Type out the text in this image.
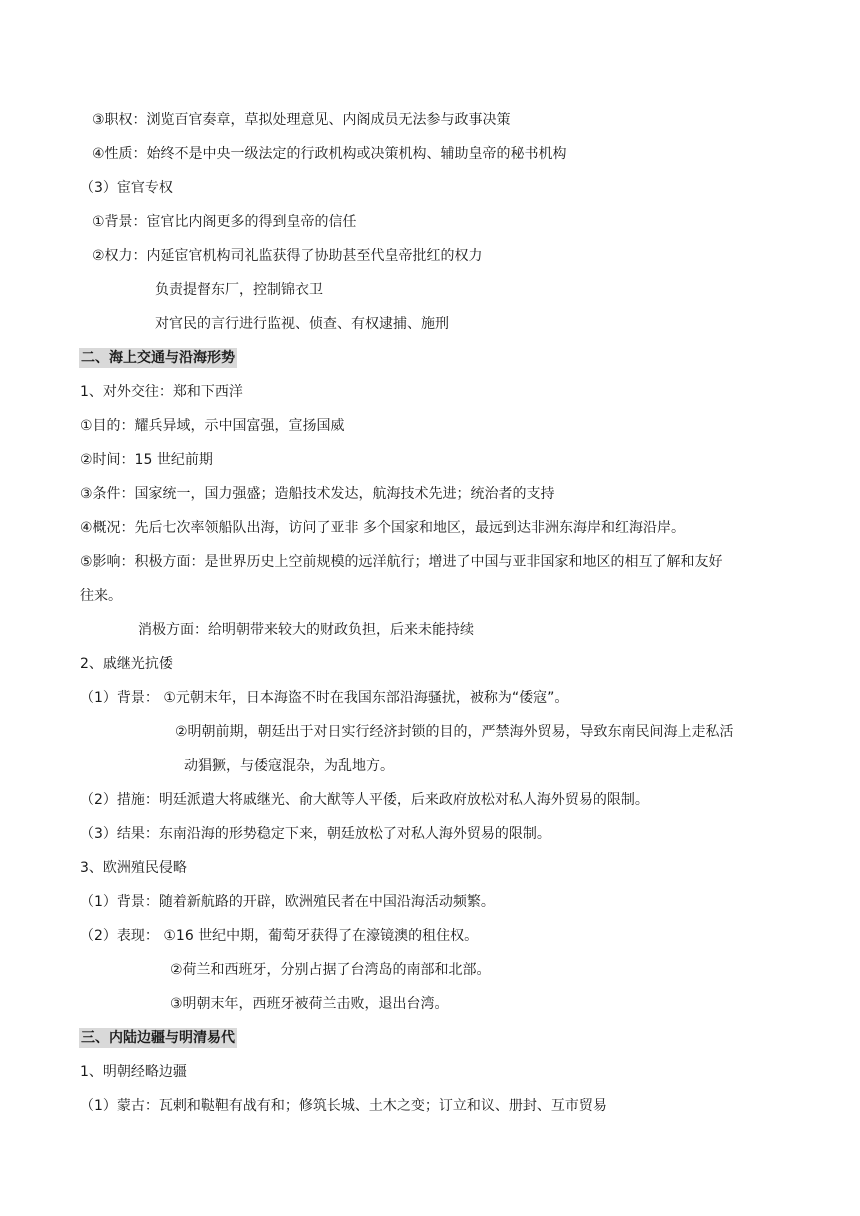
③职权：浏览百官奏章，草拟处理意见、内阁成员无法参与政事决策
④性质：始终不是中央一级法定的行政机构或决策机构、辅助皇帝的秘书机构
（3）宦官专权
①背景：宦官比内阁更多的得到皇帝的信任
②权力：内延宦官机构司礼监获得了协助甚至代皇帝批红的权力
负责提督东厂，控制锦衣卫
对官民的言行进行监视、侦查、有权逮捕、施刑
二、海上交通与沿海形势
1、对外交往：郑和下西洋
①目的：耀兵异域，示中国富强，宣扬国威
②时间：15 世纪前期
③条件：国家统一，国力强盛；造船技术发达，航海技术先进；统治者的支持
④概况：先后七次率领船队出海，访问了亚非 多个国家和地区，最远到达非洲东海岸和红海沿岸。
⑤影响：积极方面：是世界历史上空前规模的远洋航行；增进了中国与亚非国家和地区的相互了解和友好
往来。
消极方面：给明朝带来较大的财政负担，后来未能持续
2、戚继光抗倭
（1）背景： ①元朝末年，日本海盗不时在我国东部沿海骚扰，被称为“倭寇”。
②明朝前期，朝廷出于对日实行经济封锁的目的，严禁海外贸易，导致东南民间海上走私活
动猖獗，与倭寇混杂，为乱地方。
（2）措施：明廷派遣大将戚继光、俞大猷等人平倭，后来政府放松对私人海外贸易的限制。
（3）结果：东南沿海的形势稳定下来，朝廷放松了对私人海外贸易的限制。
3、欧洲殖民侵略
（1）背景：随着新航路的开辟，欧洲殖民者在中国沿海活动频繁。
（2）表现： ①16 世纪中期，葡萄牙获得了在濠镜澳的租住权。
②荷兰和西班牙，分别占据了台湾岛的南部和北部。
③明朝末年，西班牙被荷兰击败，退出台湾。
三、内陆边疆与明清易代
1、明朝经略边疆
（1）蒙古：瓦剌和鞑靼有战有和；修筑长城、土木之变；订立和议、册封、互市贸易
